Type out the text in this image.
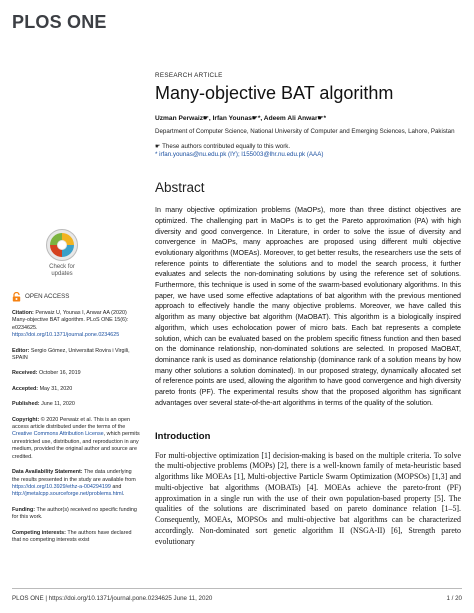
PLOS ONE
Check for updates
OPEN ACCESS
Citation: Perwaiz U, Younas I, Anwar AA (2020) Many-objective BAT algorithm. PLoS ONE 15(6): e0234625. https://doi.org/10.1371/journal.pone.0234625
Editor: Sergio Gómez, Universitat Rovira i Virgili, SPAIN
Received: October 16, 2019
Accepted: May 31, 2020
Published: June 11, 2020
Copyright: © 2020 Perwaiz et al. This is an open access article distributed under the terms of the Creative Commons Attribution License, which permits unrestricted use, distribution, and reproduction in any medium, provided the original author and source are credited.
Data Availability Statement: The data underlying the results presented in the study are available from https://doi.org/10.3929/ethz-a-004294199 and http://jmetalcpp.sourceforge.net/problems.html.
Funding: The author(s) received no specific funding for this work.
Competing interests: The authors have declared that no competing interests exist
RESEARCH ARTICLE
Many-objective BAT algorithm
Uzman Perwaiz☛, Irfan Younas☛*, Adeem Ali Anwar☛*
Department of Computer Science, National University of Computer and Emerging Sciences, Lahore, Pakistan
☛ These authors contributed equally to this work.
* irfan.younas@nu.edu.pk (IY); l155003@lhr.nu.edu.pk (AAA)
Abstract
In many objective optimization problems (MaOPs), more than three distinct objectives are optimized. The challenging part in MaOPs is to get the Pareto approximation (PA) with high diversity and good convergence. In Literature, in order to solve the issue of diversity and convergence in MaOPs, many approaches are proposed using different multi objective evolutionary algorithms (MOEAs). Moreover, to get better results, the researchers use the sets of reference points to differentiate the solutions and to model the search process, it further evaluates and selects the non-dominating solutions by using the reference set of solutions. Furthermore, this technique is used in some of the swarm-based evolutionary algorithms. In this paper, we have used some effective adaptations of bat algorithm with the previous mentioned approach to effectively handle the many objective problems. Moreover, we have called this algorithm as many objective bat algorithm (MaOBAT). This algorithm is a biologically inspired algorithm, which uses echolocation power of micro bats. Each bat represents a complete solution, which can be evaluated based on the problem specific fitness function and then based on the dominance relationship, non-dominated solutions are selected. In proposed MaOBAT, dominance rank is used as dominance relationship (dominance rank of a solution means by how many other solutions a solution dominated). In our proposed strategy, dynamically allocated set of reference points are used, allowing the algorithm to have good convergence and high diversity pareto fronts (PF). The experimental results show that the proposed algorithm has significant advantages over several state-of-the-art algorithms in terms of the quality of the solution.
Introduction
For multi-objective optimization [1] decision-making is based on the multiple criteria. To solve the multi-objective problems (MOPs) [2], there is a well-known family of meta-heuristic based algorithms like MOEAs [1], Multi-objective Particle Swarm Optimization (MOPSOs) [1,3] and multi-objective bat algorithms (MOBATs) [4]. MOEAs achieve the pareto-front (PF) approximation in a single run with the use of their own population-based property [5]. The qualities of the solutions are discriminated based on pareto dominance relation [1–5]. Consequently, MOEAs, MOPSOs and multi-objective bat algorithms can be characterized accordingly. Non-dominated sort genetic algorithm II (NSGA-II) [6], Strength pareto evolutionary
PLOS ONE | https://doi.org/10.1371/journal.pone.0234625 June 11, 2020	1 / 20
